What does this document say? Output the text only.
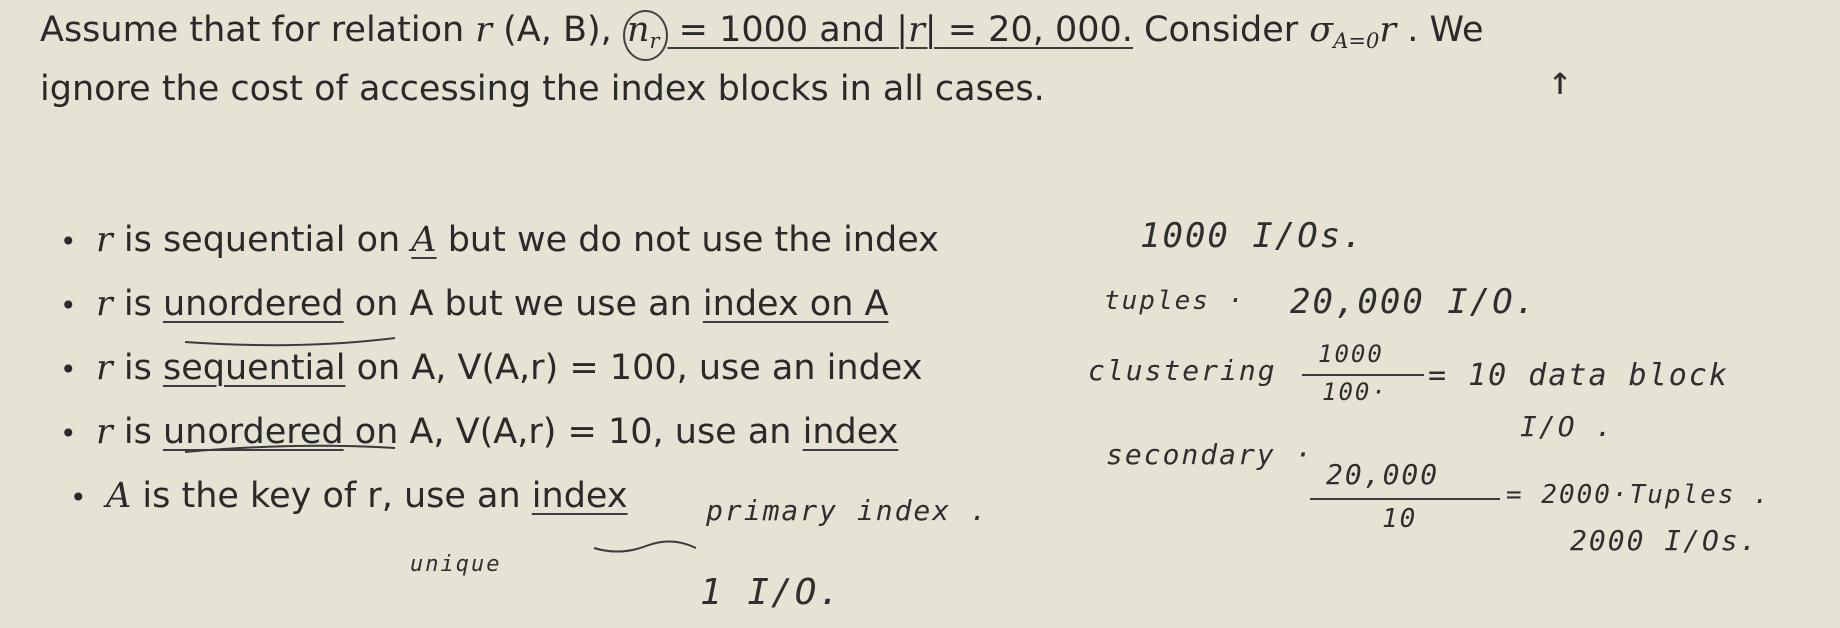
Assume that for relation r (A, B), $n_r = 1000$ and |r| = 20, 000. Consider $\sigma_{A=0}r$ . We
ignore the cost of accessing the index blocks in all cases.	↑
• r is sequential on A but we do not use the index
• r is unordered on A but we use an index on A
• r is sequential on A, V(A,r) = 100, use an index
• r is unordered on A, V(A,r) = 10, use an index
• A is the key of r, use an index
1000 I/Os.
tuples · 20,000 I/O.
clustering 1000
100· = 10 data block
I/O .
secondary ·
20,000
10
= 2000·Tuples .
2000 I/Os.
primary index .
unique
1 I/O.
